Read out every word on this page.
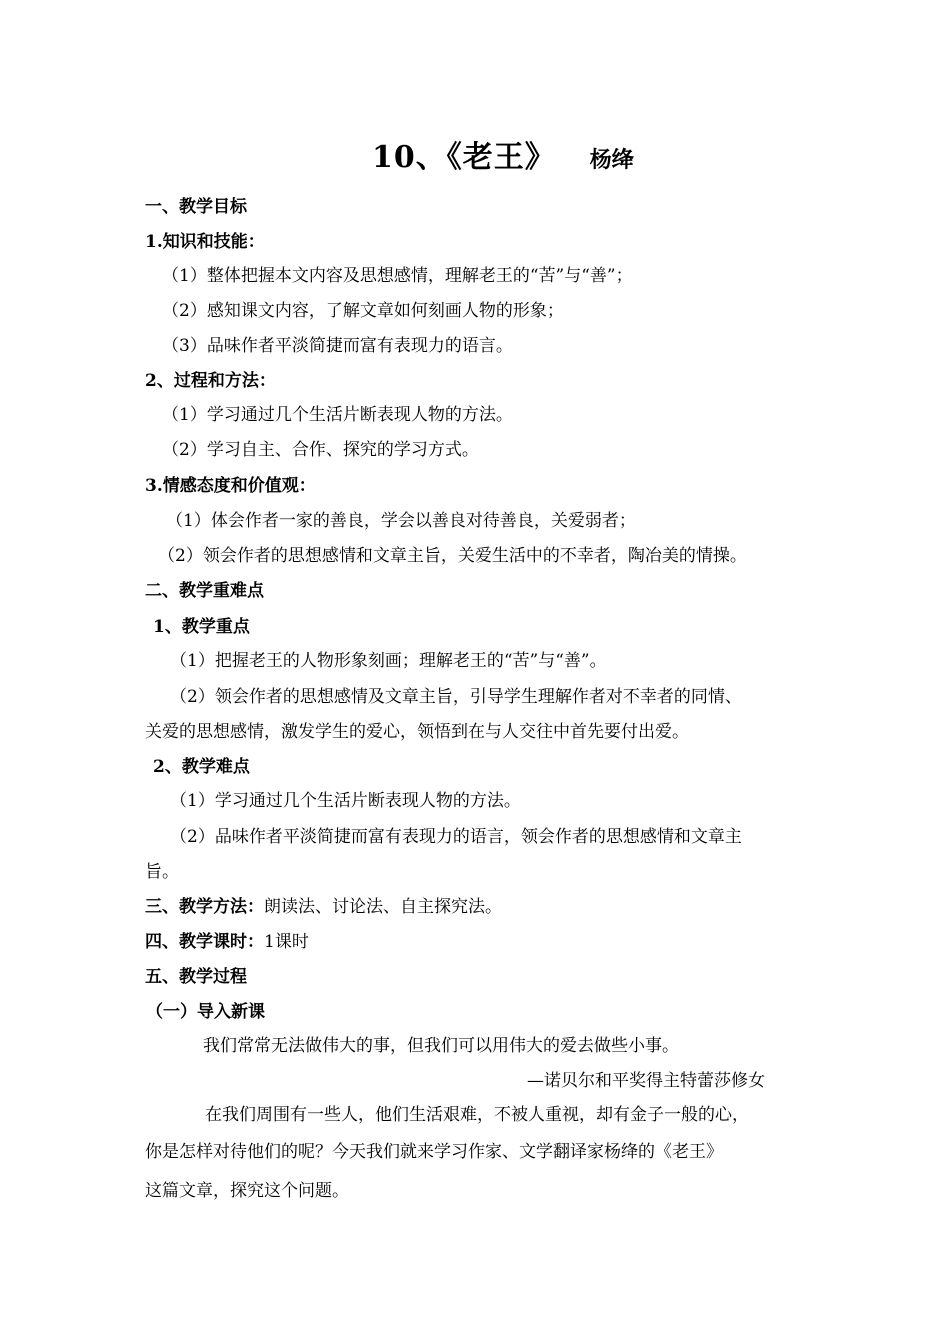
10、《老王》 杨绛
一、教学目标
1.知识和技能：
（1）整体把握本文内容及思想感情，理解老王的“苦”与“善”；
（2）感知课文内容，了解文章如何刻画人物的形象；
（3）品味作者平淡简捷而富有表现力的语言。
2、过程和方法：
（1）学习通过几个生活片断表现人物的方法。
（2）学习自主、合作、探究的学习方式。
3.情感态度和价值观：
（1）体会作者一家的善良，学会以善良对待善良，关爱弱者；
（2）领会作者的思想感情和文章主旨，关爱生活中的不幸者，陶冶美的情操。
二、教学重难点
1、教学重点
（1）把握老王的人物形象刻画；理解老王的“苦”与“善”。
（2）领会作者的思想感情及文章主旨，引导学生理解作者对不幸者的同情、
关爱的思想感情，激发学生的爱心，领悟到在与人交往中首先要付出爱。
2、教学难点
（1）学习通过几个生活片断表现人物的方法。
（2）品味作者平淡简捷而富有表现力的语言，领会作者的思想感情和文章主
旨。
三、教学方法：朗读法、讨论法、自主探究法。
四、教学课时：1课时
五、教学过程
（一）导入新课
我们常常无法做伟大的事，但我们可以用伟大的爱去做些小事。
—诺贝尔和平奖得主特蕾莎修女
在我们周围有一些人，他们生活艰难，不被人重视，却有金子一般的心，
你是怎样对待他们的呢？今天我们就来学习作家、文学翻译家杨绛的《老王》
这篇文章，探究这个问题。
